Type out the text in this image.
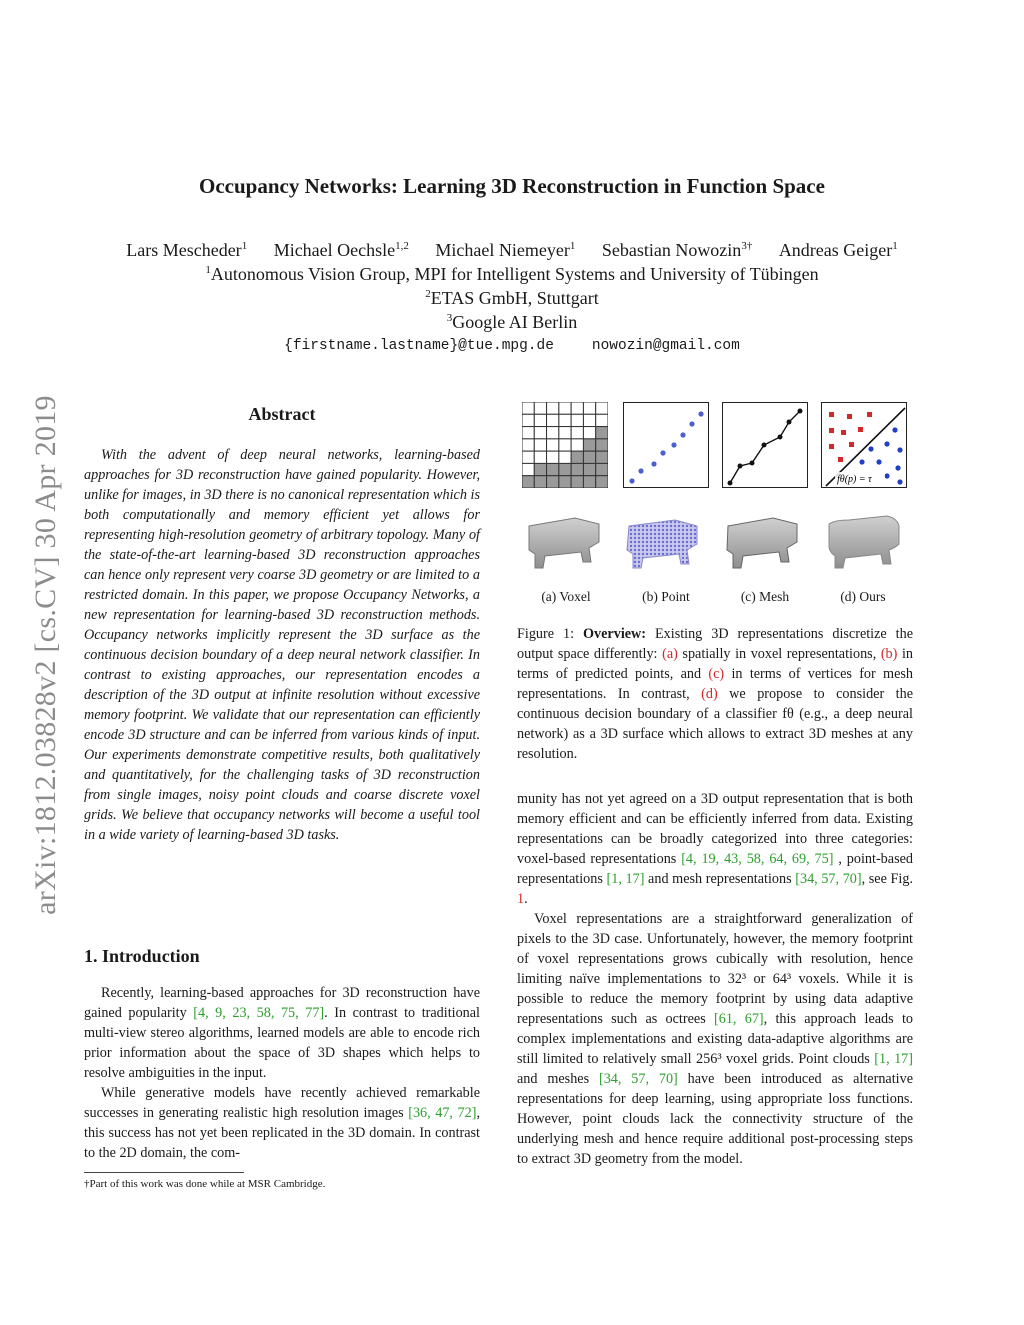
arXiv:1812.03828v2 [cs.CV] 30 Apr 2019
Occupancy Networks: Learning 3D Reconstruction in Function Space
Lars Mescheder$^1$ Michael Oechsle$^{1,2}$ Michael Niemeyer$^1$ Sebastian Nowozin$^{3\dagger}$ Andreas Geiger$^1$
$^1$Autonomous Vision Group, MPI for Intelligent Systems and University of Tübingen
$^2$ETAS GmbH, Stuttgart
$^3$Google AI Berlin
{firstname.lastname}@tue.mpg.de	nowozin@gmail.com
Abstract

With the advent of deep neural networks, learning-based approaches for 3D reconstruction have gained popularity. However, unlike for images, in 3D there is no canonical representation which is both computationally and memory efficient yet allows for representing high-resolution geometry of arbitrary topology. Many of the state-of-the-art learning-based 3D reconstruction approaches can hence only represent very coarse 3D geometry or are limited to a restricted domain. In this paper, we propose Occupancy Networks, a new representation for learning-based 3D reconstruction methods. Occupancy networks implicitly represent the 3D surface as the continuous decision boundary of a deep neural network classifier. In contrast to existing approaches, our representation encodes a description of the 3D output at infinite resolution without excessive memory footprint. We validate that our representation can efficiently encode 3D structure and can be inferred from various kinds of input. Our experiments demonstrate competitive results, both qualitatively and quantitatively, for the challenging tasks of 3D reconstruction from single images, noisy point clouds and coarse discrete voxel grids. We believe that occupancy networks will become a useful tool in a wide variety of learning-based 3D tasks.

1. Introduction

Recently, learning-based approaches for 3D reconstruction have gained popularity [4, 9, 23, 58, 75, 77]. In contrast to traditional multi-view stereo algorithms, learned models are able to encode rich prior information about the space of 3D shapes which helps to resolve ambiguities in the input.

While generative models have recently achieved remarkable successes in generating realistic high resolution images [36, 47, 72], this success has not yet been replicated in the 3D domain. In contrast to the 2D domain, the com-

†Part of this work was done while at MSR Cambridge.
fθ(p) = τ
(a) Voxel	(b) Point	(c) Mesh	(d) Ours

Figure 1: Overview: Existing 3D representations discretize the output space differently: (a) spatially in voxel representations, (b) in terms of predicted points, and (c) in terms of vertices for mesh representations. In contrast, (d) we propose to consider the continuous decision boundary of a classifier fθ (e.g., a deep neural network) as a 3D surface which allows to extract 3D meshes at any resolution.

munity has not yet agreed on a 3D output representation that is both memory efficient and can be efficiently inferred from data. Existing representations can be broadly categorized into three categories: voxel-based representations [4, 19, 43, 58, 64, 69, 75] , point-based representations [1, 17] and mesh representations [34, 57, 70], see Fig. 1.

Voxel representations are a straightforward generalization of pixels to the 3D case. Unfortunately, however, the memory footprint of voxel representations grows cubically with resolution, hence limiting naïve implementations to 32³ or 64³ voxels. While it is possible to reduce the memory footprint by using data adaptive representations such as octrees [61, 67], this approach leads to complex implementations and existing data-adaptive algorithms are still limited to relatively small 256³ voxel grids. Point clouds [1, 17] and meshes [34, 57, 70] have been introduced as alternative representations for deep learning, using appropriate loss functions. However, point clouds lack the connectivity structure of the underlying mesh and hence require additional post-processing steps to extract 3D geometry from the model.
